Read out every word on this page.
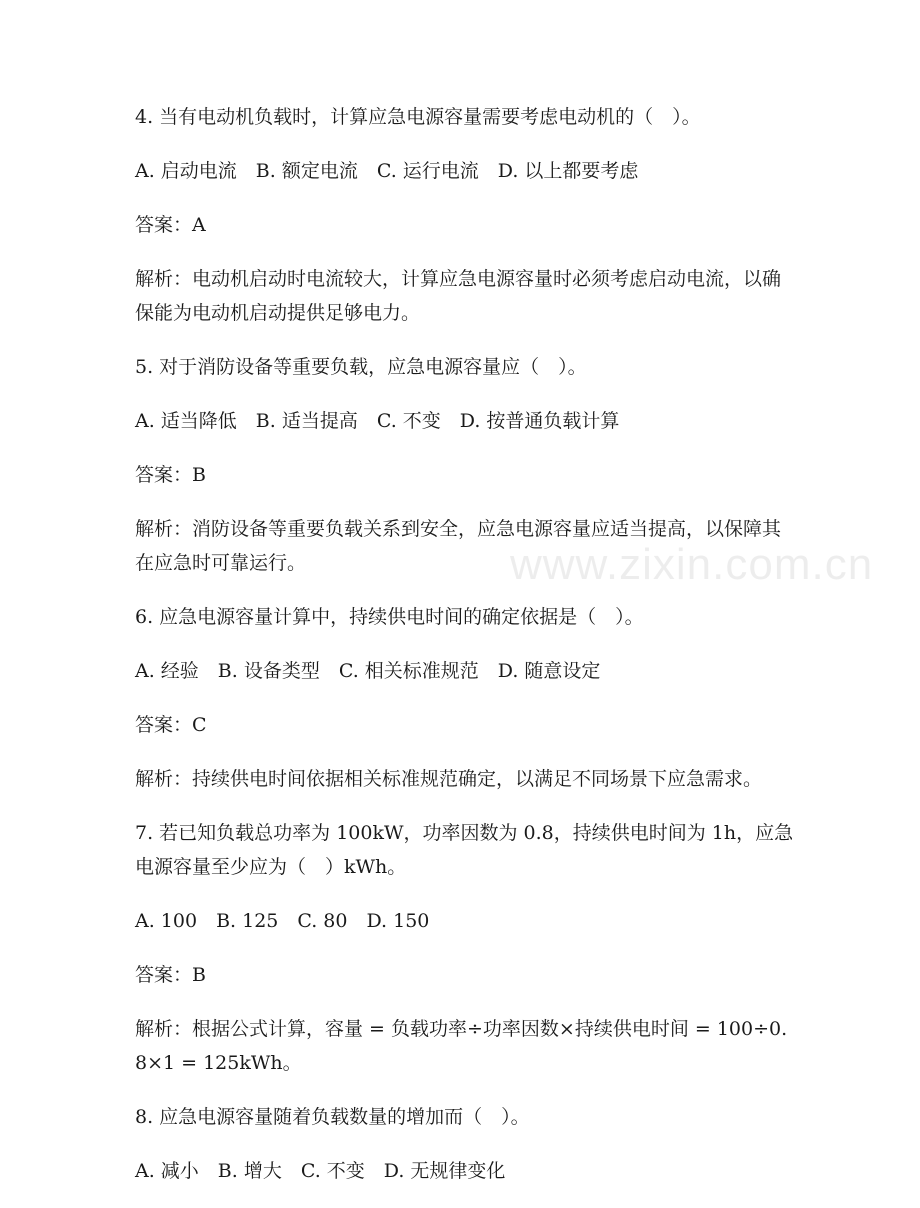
4. 当有电动机负载时，计算应急电源容量需要考虑电动机的（　）。

A. 启动电流　B. 额定电流　C. 运行电流　D. 以上都要考虑

答案：A

解析：电动机启动时电流较大，计算应急电源容量时必须考虑启动电流，以确保能为电动机启动提供足够电力。

5. 对于消防设备等重要负载，应急电源容量应（　）。

A. 适当降低　B. 适当提高　C. 不变　D. 按普通负载计算

答案：B

解析：消防设备等重要负载关系到安全，应急电源容量应适当提高，以保障其在应急时可靠运行。

6. 应急电源容量计算中，持续供电时间的确定依据是（　）。

A. 经验　B. 设备类型　C. 相关标准规范　D. 随意设定

答案：C

解析：持续供电时间依据相关标准规范确定，以满足不同场景下应急需求。

7. 若已知负载总功率为 100kW，功率因数为 0.8，持续供电时间为 1h，应急电源容量至少应为（　）kWh。

A. 100　B. 125　C. 80　D. 150

答案：B

解析：根据公式计算，容量 = 负载功率÷功率因数×持续供电时间 = 100÷0.8×1 = 125kWh。

8. 应急电源容量随着负载数量的增加而（　）。

A. 减小　B. 增大　C. 不变　D. 无规律变化

www.zixin.com.cn
